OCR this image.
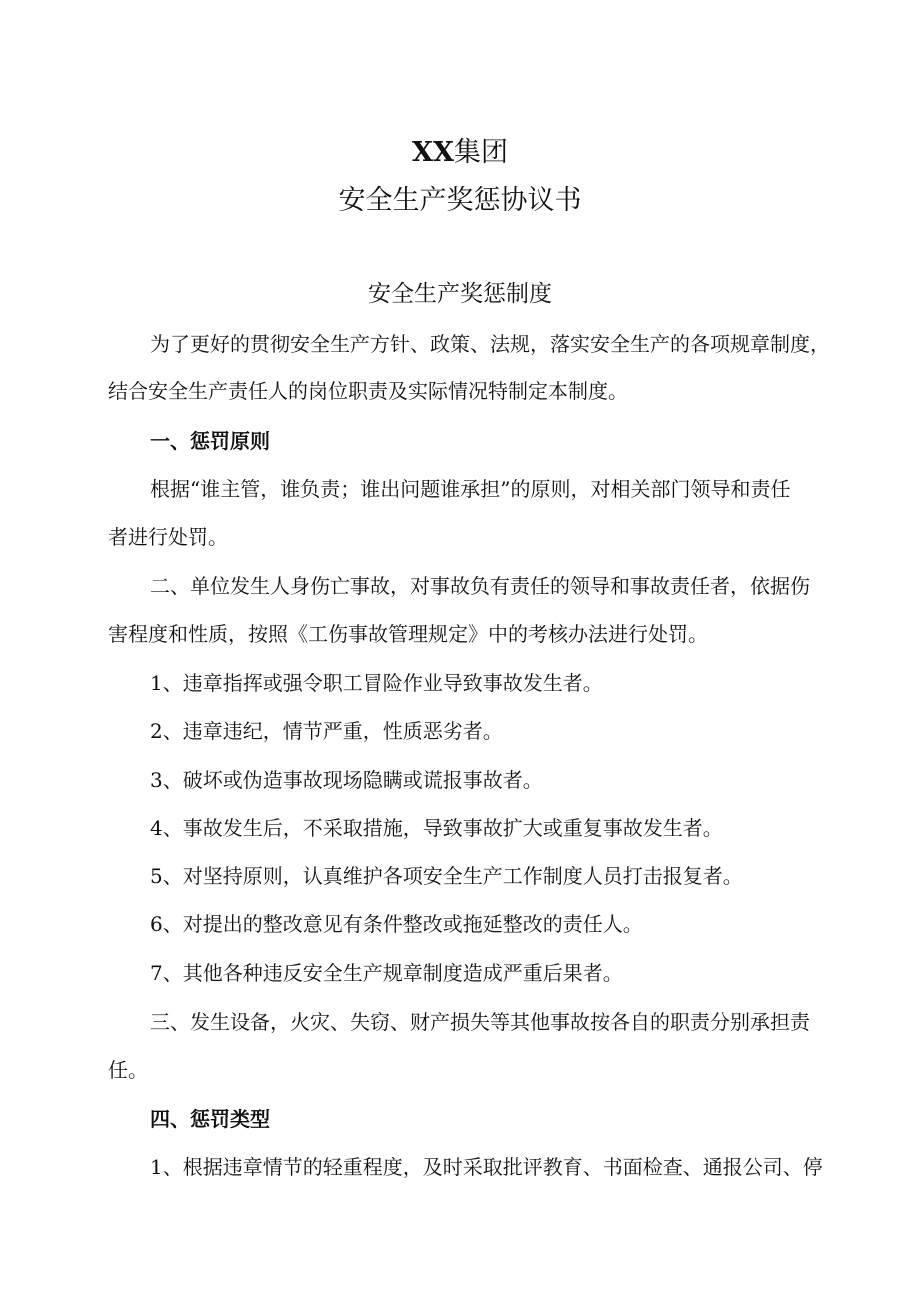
XX集团
安全生产奖惩协议书
安全生产奖惩制度
为了更好的贯彻安全生产方针、政策、法规，落实安全生产的各项规章制度，
结合安全生产责任人的岗位职责及实际情况特制定本制度。
一、惩罚原则
根据“谁主管，谁负责；谁出问题谁承担”的原则，对相关部门领导和责任
者进行处罚。
二、单位发生人身伤亡事故，对事故负有责任的领导和事故责任者，依据伤
害程度和性质，按照《工伤事故管理规定》中的考核办法进行处罚。
1、违章指挥或强令职工冒险作业导致事故发生者。
2、违章违纪，情节严重，性质恶劣者。
3、破坏或伪造事故现场隐瞒或谎报事故者。
4、事故发生后，不采取措施，导致事故扩大或重复事故发生者。
5、对坚持原则，认真维护各项安全生产工作制度人员打击报复者。
6、对提出的整改意见有条件整改或拖延整改的责任人。
7、其他各种违反安全生产规章制度造成严重后果者。
三、发生设备，火灾、失窃、财产损失等其他事故按各自的职责分别承担责
任。
四、惩罚类型
1、根据违章情节的轻重程度，及时采取批评教育、书面检查、通报公司、停
